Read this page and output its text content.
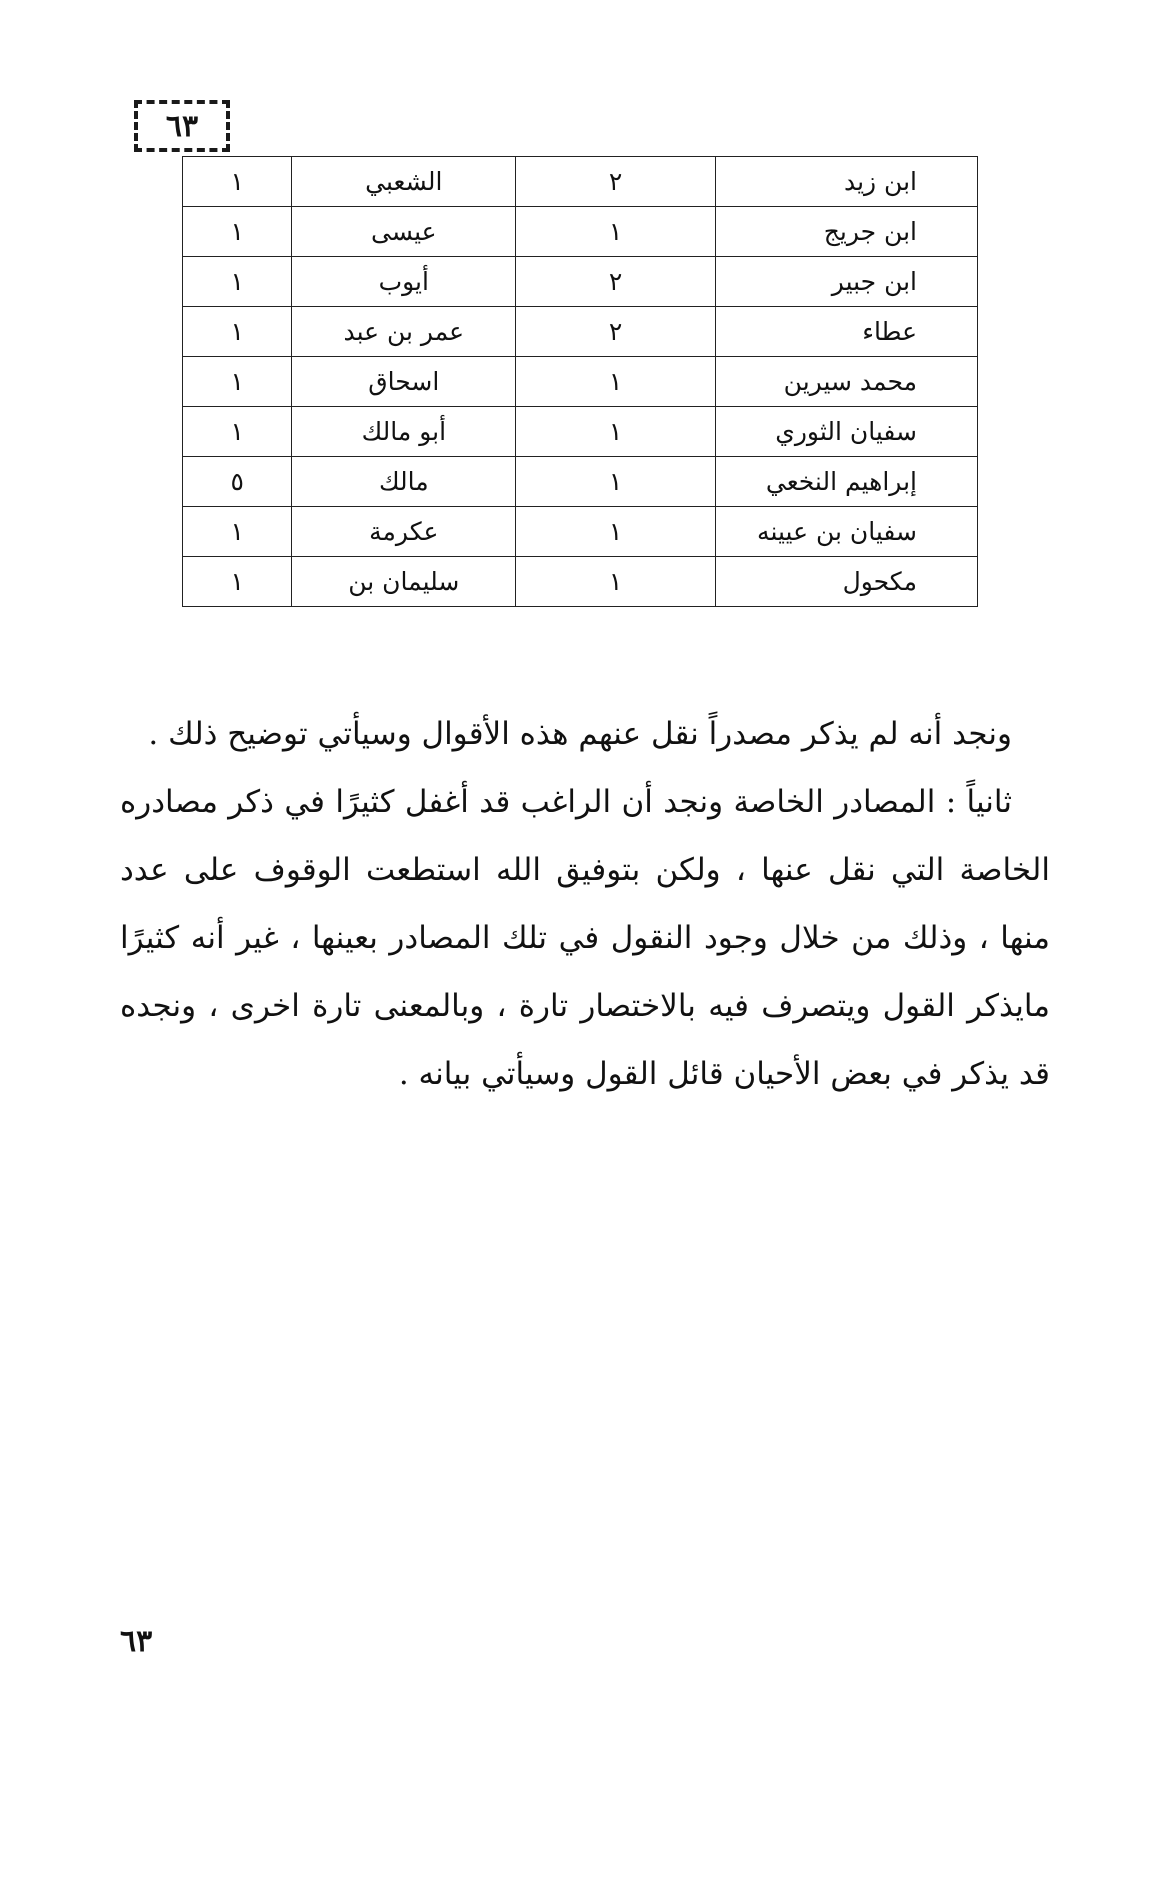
٦٣
ابن زيد	٢	الشعبي	١
ابن جريج	١	عيسى	١
ابن جبير	٢	أيوب	١
عطاء	٢	عمر بن عبد	١
محمد سيرين	١	اسحاق	١
سفيان الثوري	١	أبو مالك	١
إبراهيم النخعي	١	مالك	٥
سفيان بن عيينه	١	عكرمة	١
مكحول	١	سليمان بن	١

ونجد أنه لم يذكر مصدراً نقل عنهم هذه الأقوال وسيأتي توضيح ذلك .

ثانياً : المصادر الخاصة ونجد أن الراغب قد أغفل كثيرًا في ذكر مصادره الخاصة التي نقل عنها ، ولكن بتوفيق الله استطعت الوقوف على عدد منها ، وذلك من خلال وجود النقول في تلك المصادر بعينها ، غير أنه كثيرًا مايذكر القول ويتصرف فيه بالاختصار تارة ، وبالمعنى تارة اخرى ، ونجده قد يذكر في بعض الأحيان قائل القول وسيأتي بيانه .

٦٣
